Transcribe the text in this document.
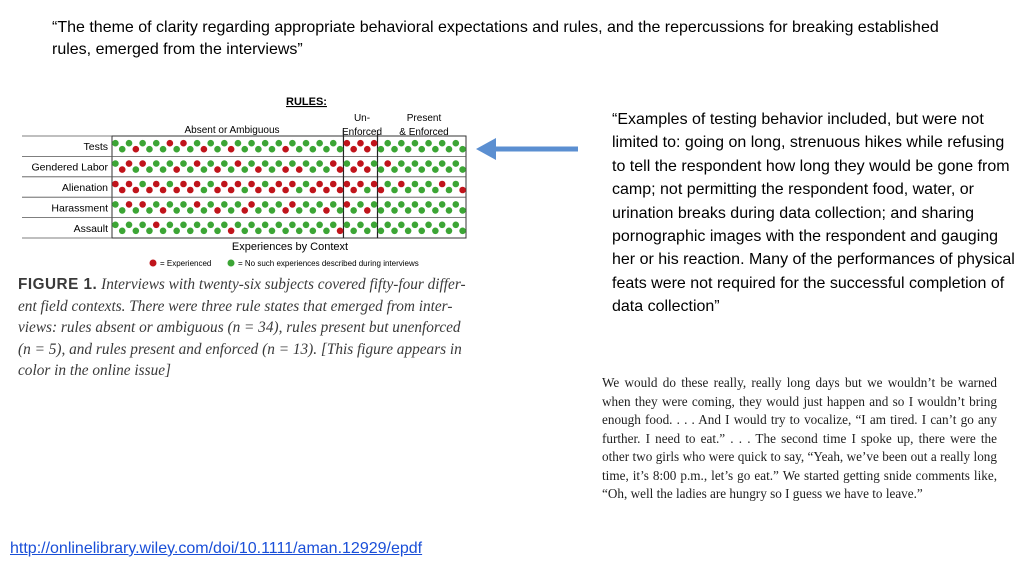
“The theme of clarity regarding appropriate behavioral expectations and rules, and the repercussions for breaking established rules, emerged from the interviews”
RULES:
Absent or Ambiguous
Un-
Enforced
Present
& Enforced
Tests
Gendered Labor
Alienation
Harassment
Assault
Experiences by Context
= Experienced	= No such experiences described during interviews
FIGURE 1. Interviews with twenty-six subjects covered fifty-four differ- ent field contexts. There were three rule states that emerged from inter- views: rules absent or ambiguous (n = 34), rules present but unenforced (n = 5), and rules present and enforced (n = 13). [This figure appears in color in the online issue]
“Examples of testing behavior included, but were not limited to: going on long, strenuous hikes while refusing to tell the respondent how long they would be gone from camp; not permitting the respondent food, water, or urination breaks during data collection; and sharing pornographic images with the respondent and gauging her or his reaction. Many of the performances of physical feats were not required for the successful completion of data collection”
We would do these really, really long days but we wouldn’t be warned when they were coming, they would just happen and so I wouldn’t bring enough food. . . . And I would try to vocalize, “I am tired. I can’t go any further. I need to eat.” . . . The second time I spoke up, there were the other two girls who were quick to say, “Yeah, we’ve been out a really long time, it’s 8:00 p.m., let’s go eat.” We started getting snide comments like, “Oh, well the ladies are hungry so I guess we have to leave.”
http://onlinelibrary.wiley.com/doi/10.1111/aman.12929/epdf
